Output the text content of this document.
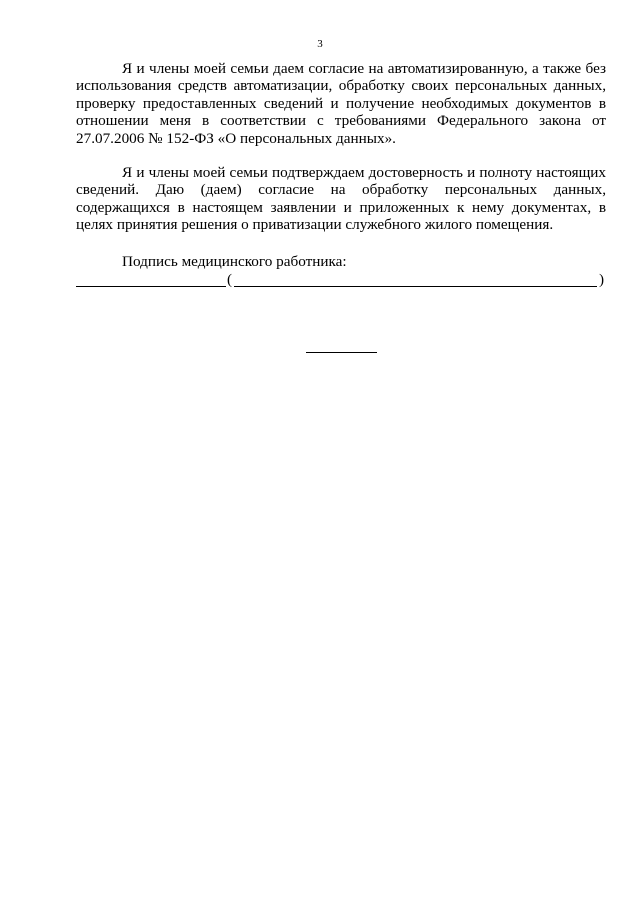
3

Я и члены моей семьи даем согласие на автоматизированную, а также без использования средств автоматизации, обработку своих персональных данных, проверку предоставленных сведений и получение необходимых документов в отношении меня в соответствии с требованиями Федерального закона от 27.07.2006 № 152-ФЗ «О персональных данных».

Я и члены моей семьи подтверждаем достоверность и полноту настоящих сведений. Даю (даем) согласие на обработку персональных данных, содержащихся в настоящем заявлении и приложенных к нему документах, в целях принятия решения о приватизации служебного жилого помещения.

Подпись медицинского работника:
(	)
